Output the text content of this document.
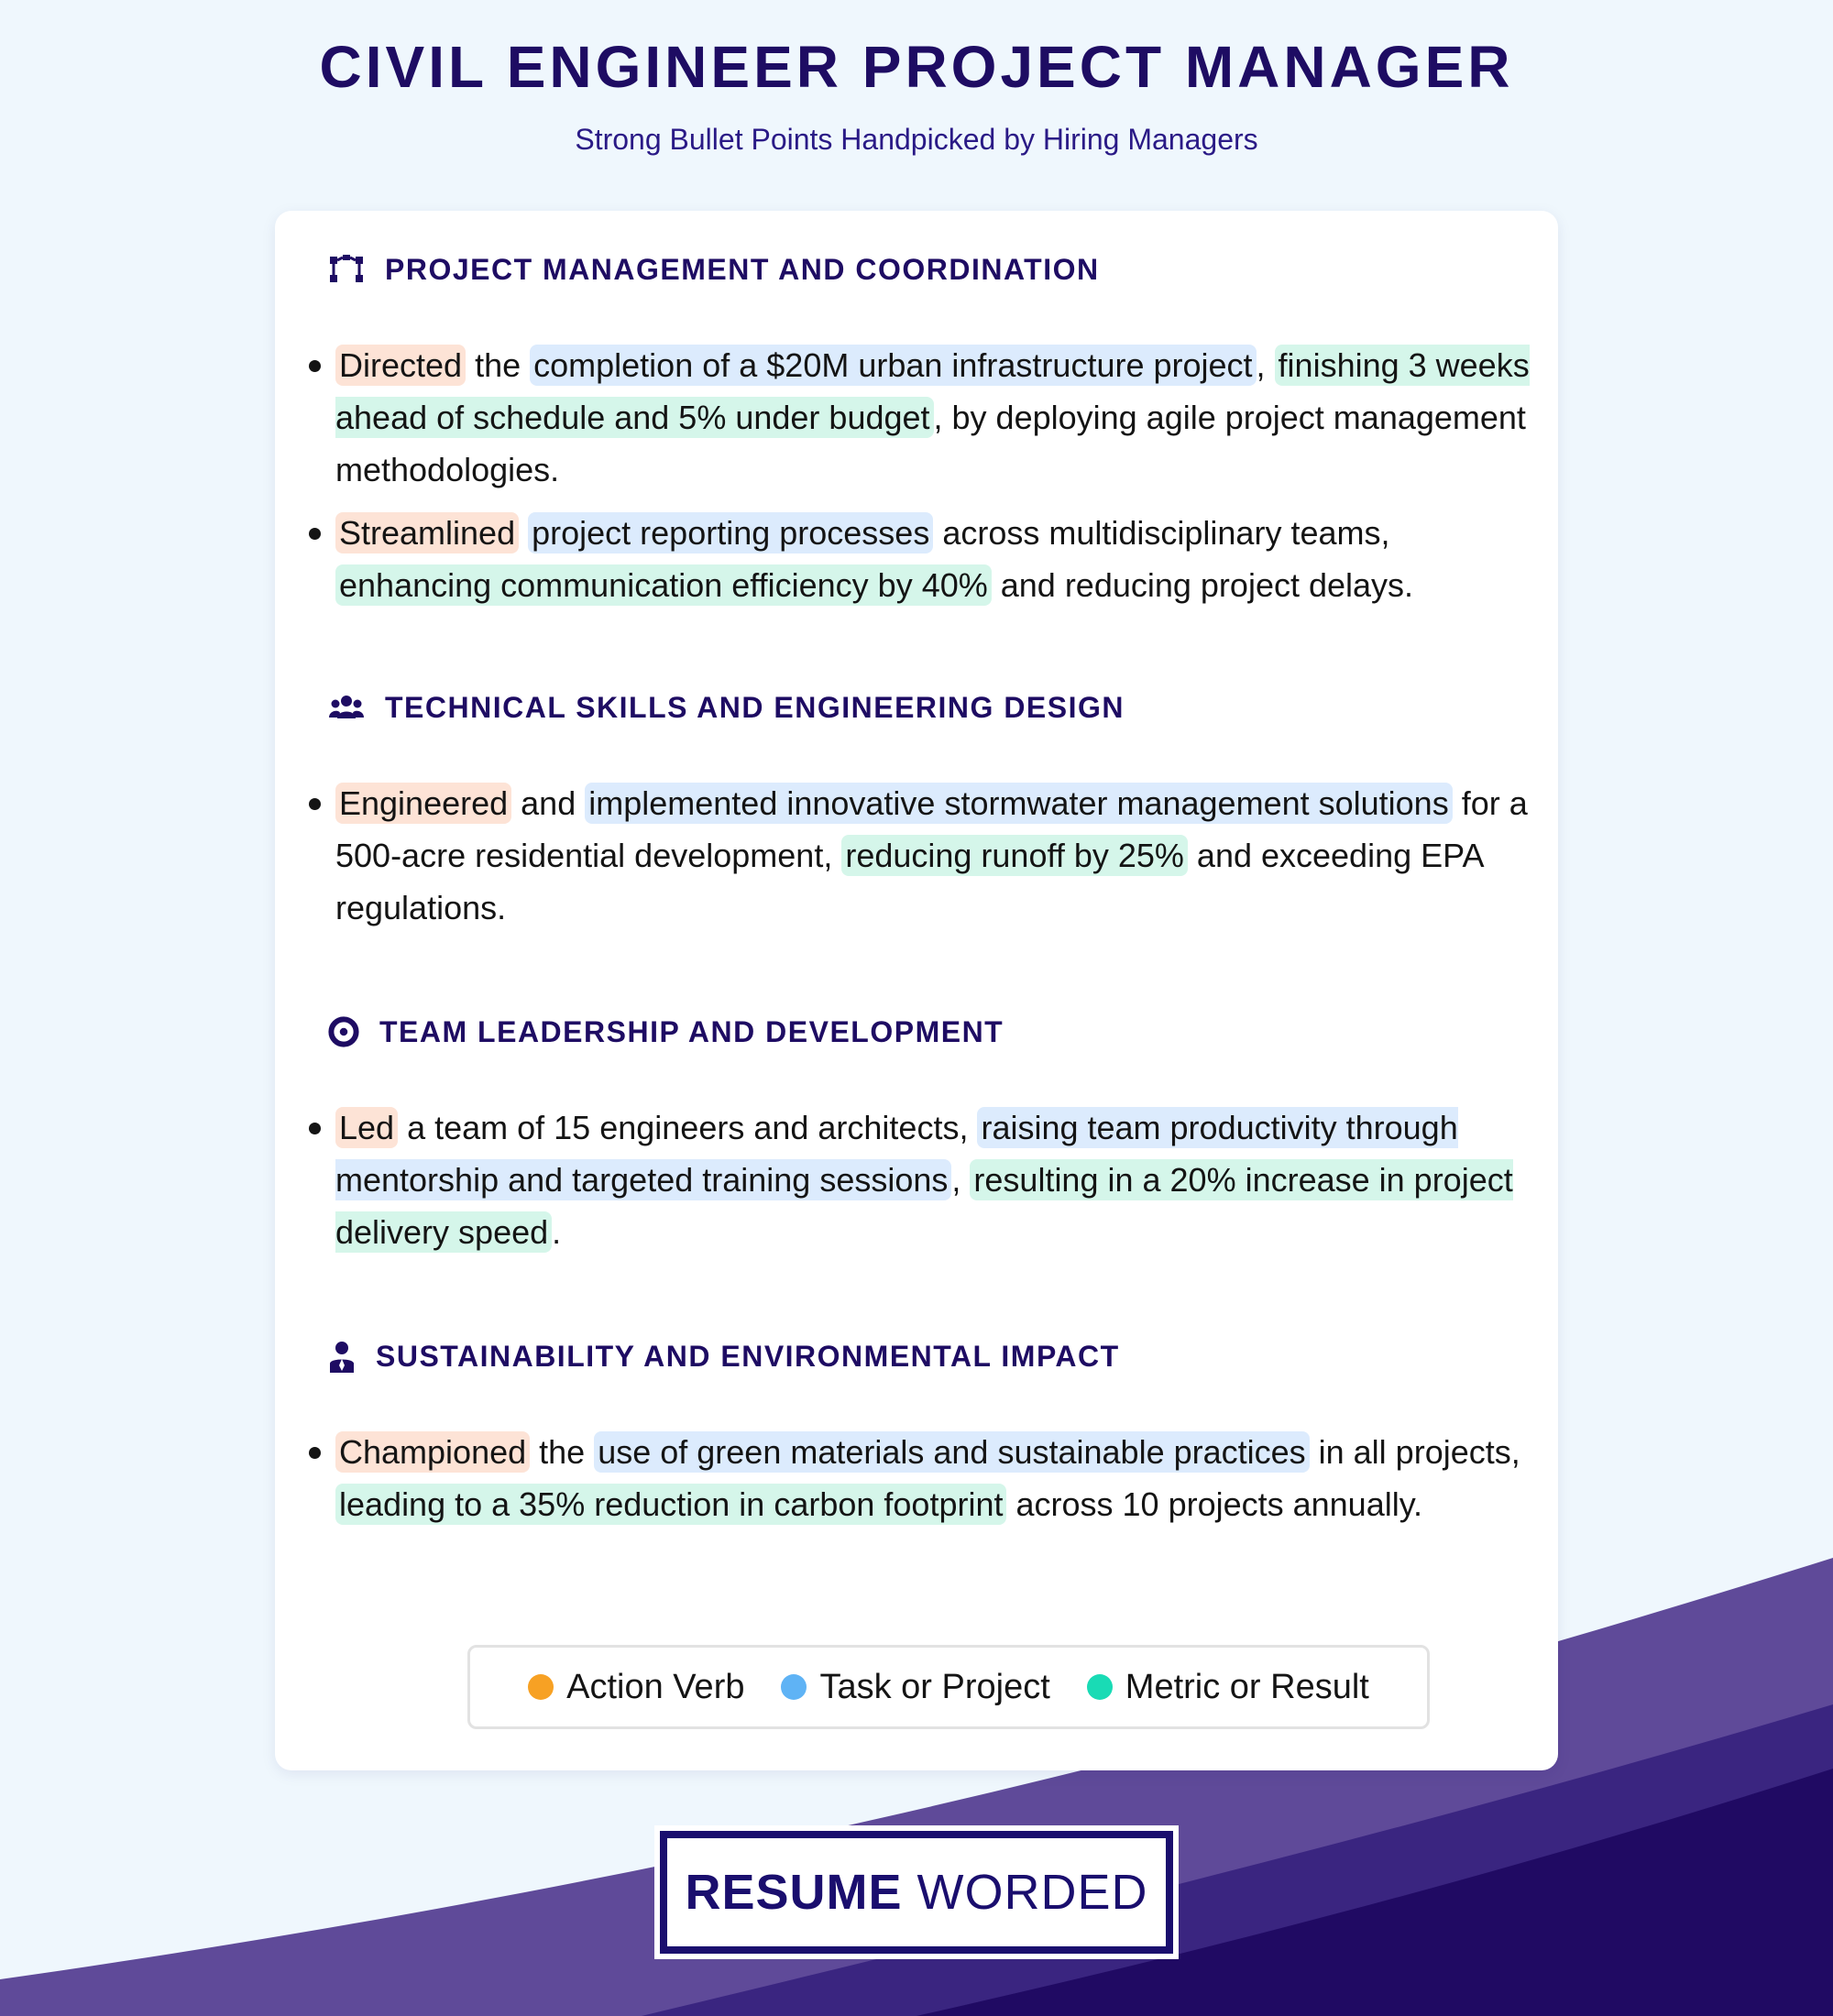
CIVIL ENGINEER PROJECT MANAGER
Strong Bullet Points Handpicked by Hiring Managers
PROJECT MANAGEMENT AND COORDINATION
Directed the completion of a $20M urban infrastructure project , finishing 3 weeks ahead of schedule and 5% under budget , by deploying agile project management methodologies.
Streamlined project reporting processes across multidisciplinary teams, enhancing communication efficiency by 40% and reducing project delays.
TECHNICAL SKILLS AND ENGINEERING DESIGN
Engineered and implemented innovative stormwater management solutions for a 500-acre residential development, reducing runoff by 25% and exceeding EPA regulations.
TEAM LEADERSHIP AND DEVELOPMENT
Led a team of 15 engineers and architects, raising team productivity through mentorship and targeted training sessions , resulting in a 20% increase in project delivery speed .
SUSTAINABILITY AND ENVIRONMENTAL IMPACT
Championed the use of green materials and sustainable practices in all projects, leading to a 35% reduction in carbon footprint across 10 projects annually.
Action Verb Task or Project Metric or Result
RESUME WORDED
